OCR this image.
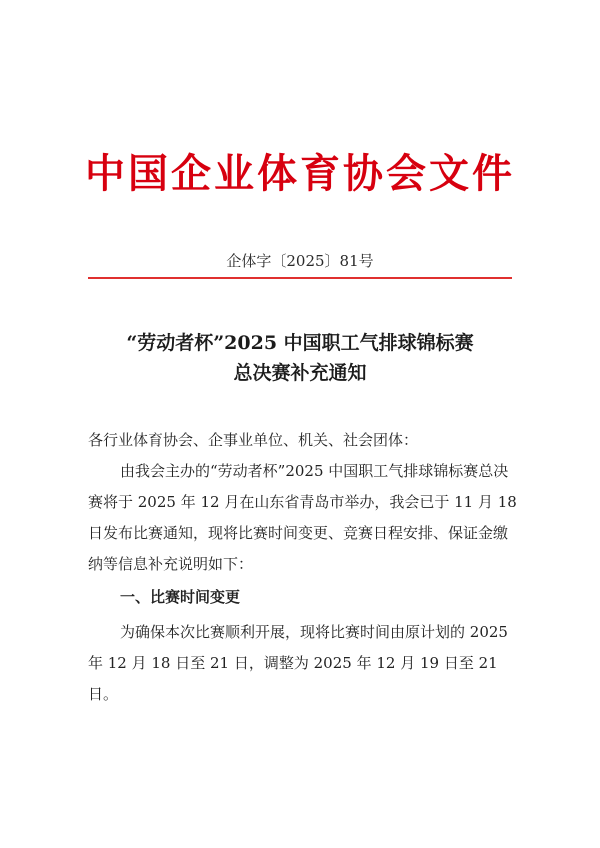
中国企业体育协会文件
企体字〔2025〕81号
“劳动者杯”2025 中国职工气排球锦标赛
总决赛补充通知

各行业体育协会、企事业单位、机关、社会团体：

由我会主办的“劳动者杯”2025 中国职工气排球锦标赛总决赛将于 2025 年 12 月在山东省青岛市举办，我会已于 11 月 18 日发布比赛通知，现将比赛时间变更、竞赛日程安排、保证金缴纳等信息补充说明如下：

一、比赛时间变更

为确保本次比赛顺利开展，现将比赛时间由原计划的 2025 年 12 月 18 日至 21 日，调整为 2025 年 12 月 19 日至 21 日。
